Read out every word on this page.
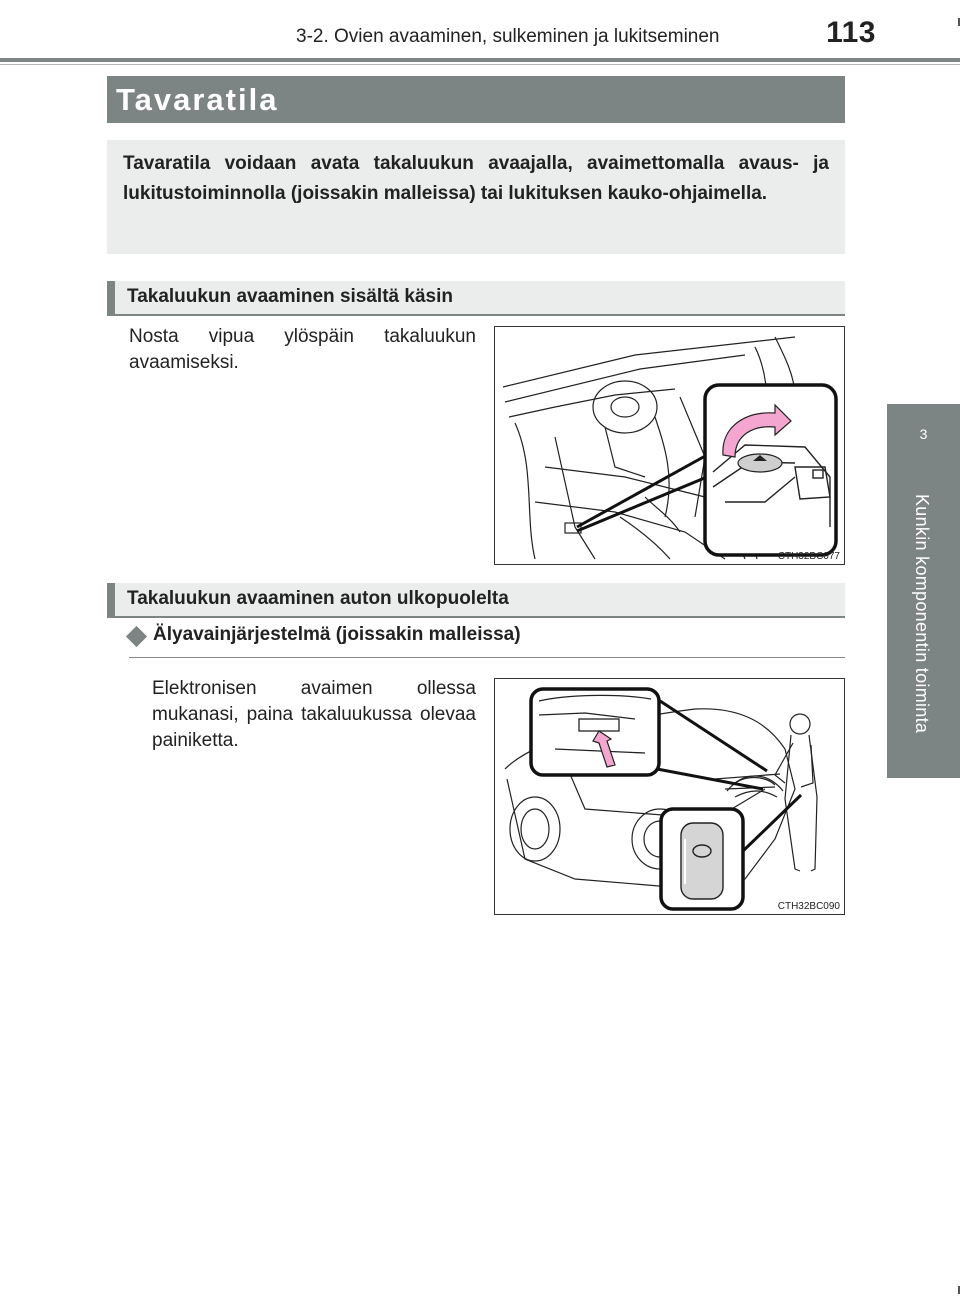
3-2. Ovien avaaminen, sulkeminen ja lukitseminen	113
3
Kunkin komponentin toiminta
Tavaratila

Tavaratila voidaan avata takaluukun avaajalla, avaimettomalla avaus- ja lukitustoiminnolla (joissakin malleissa) tai lukituksen kauko-ohjaimella.

Takaluukun avaaminen sisältä käsin

Nosta vipua ylöspäin takaluukun avaamiseksi.

CTH32BC077
Takaluukun avaaminen auton ulkopuolelta
Älyavainjärjestelmä (joissakin malleissa)

Elektronisen avaimen ollessa mukanasi, paina takaluukussa olevaa painiketta.

CTH32BC090
